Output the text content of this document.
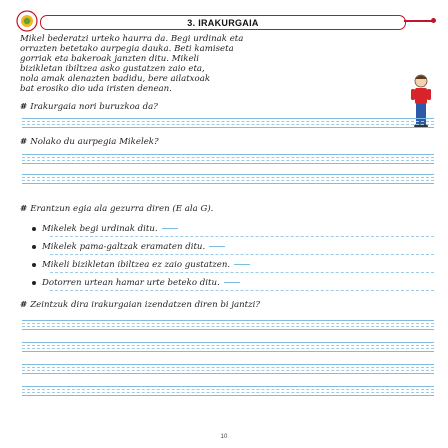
3. IRAKURGAIA
Mikel bederatzi urteko haurra da. Begi urdinak eta
orrazten betetako aurpegia dauka. Beti kamiseta
gorriak eta bakeroak janzten ditu. Mikeli
bizikletan ibiltzea asko gustatzen zaio eta,
nola amak alenazten badidu, bere ailatxoak
bat erosiko dio uda iristen denean.
# Irakurgaia nori buruzkoa da?
# Nolako du aurpegia Mikelek?
# Erantzun egia ala gezurra diren (E ala G).
Mikelek begi urdinak ditu.
Mikelek pama-galtzak eramaten ditu.
Mikeli bizikletan ibiltzea ez zaio gustatzen.
Dotorren urtean hamar urte beteko ditu.
# Zeintzuk dira irakurgaian izendatzen diren bi jantzi?
10
